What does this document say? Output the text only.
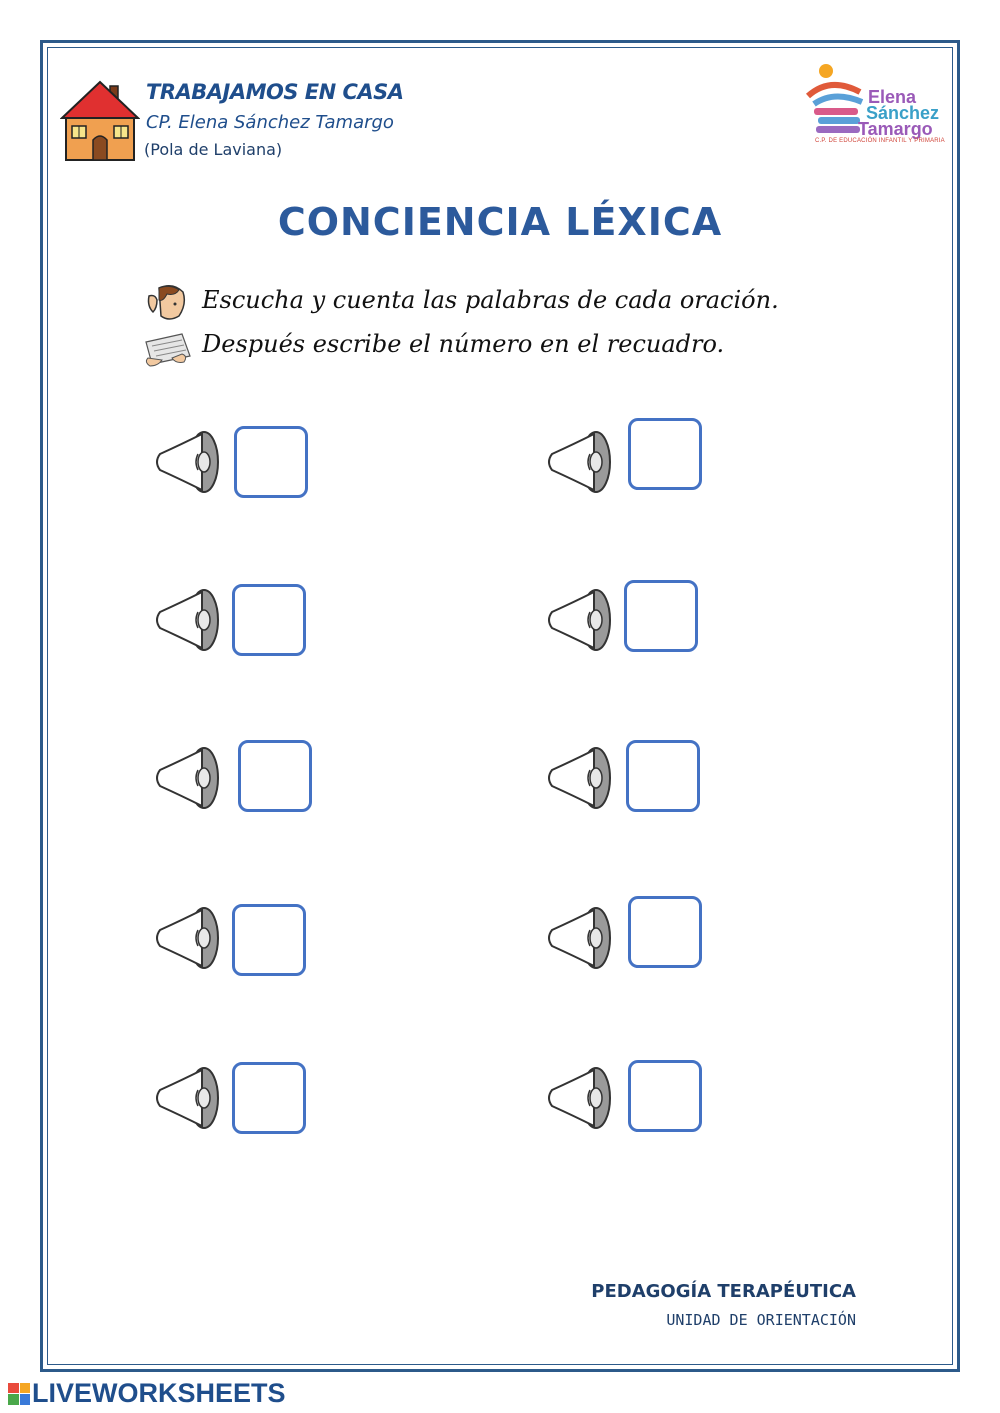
TRABAJAMOS EN CASA
CP. Elena Sánchez Tamargo
(Pola de Laviana)
Elena
Sánchez
Tamargo
C.P. DE EDUCACIÓN INFANTIL Y PRIMARIA
CONCIENCIA LÉXICA
Escucha y cuenta las palabras de cada oración.
Después escribe el número en el recuadro.
PEDAGOGÍA TERAPÉUTICA
UNIDAD DE ORIENTACIÓN
LIVEWORKSHEETS
